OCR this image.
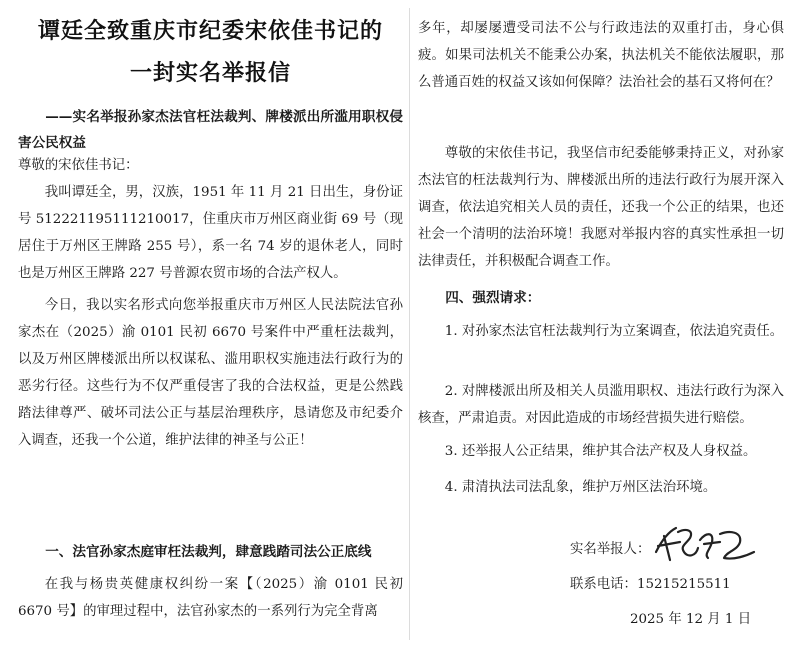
谭廷全致重庆市纪委宋依佳书记的
一封实名举报信

——实名举报孙家杰法官枉法裁判、牌楼派出所滥用职权侵害公民权益

尊敬的宋依佳书记：

我叫谭廷全，男，汉族，1951 年 11 月 21 日出生，身份证号 512221195111210017，住重庆市万州区商业街 69 号（现居住于万州区王牌路 255 号），系一名 74 岁的退休老人，同时也是万州区王牌路 227 号普源农贸市场的合法产权人。

今日，我以实名形式向您举报重庆市万州区人民法院法官孙家杰在（2025）渝 0101 民初 6670 号案件中严重枉法裁判，以及万州区牌楼派出所以权谋私、滥用职权实施违法行政行为的恶劣行径。这些行为不仅严重侵害了我的合法权益，更是公然践踏法律尊严、破坏司法公正与基层治理秩序，恳请您及市纪委介入调查，还我一个公道，维护法律的神圣与公正！

一、法官孙家杰庭审枉法裁判，肆意践踏司法公正底线

在我与杨贵英健康权纠纷一案【（2025）渝 0101 民初 6670 号】的审理过程中，法官孙家杰的一系列行为完全背离

多年，却屡屡遭受司法不公与行政违法的双重打击，身心俱疲。如果司法机关不能秉公办案，执法机关不能依法履职，那么普通百姓的权益又该如何保障？法治社会的基石又将何在？

尊敬的宋依佳书记，我坚信市纪委能够秉持正义，对孙家杰法官的枉法裁判行为、牌楼派出所的违法行政行为展开深入调查，依法追究相关人员的责任，还我一个公正的结果，也还社会一个清明的法治环境！我愿对举报内容的真实性承担一切法律责任，并积极配合调查工作。

四、强烈请求：

1. 对孙家杰法官枉法裁判行为立案调查，依法追究责任。

2. 对牌楼派出所及相关人员滥用职权、违法行政行为深入核查，严肃追责。对因此造成的市场经营损失进行赔偿。

3. 还举报人公正结果，维护其合法产权及人身权益。

4. 肃清执法司法乱象，维护万州区法治环境。

实名举报人：
联系电话：15215215511
2025 年 12 月 1 日
